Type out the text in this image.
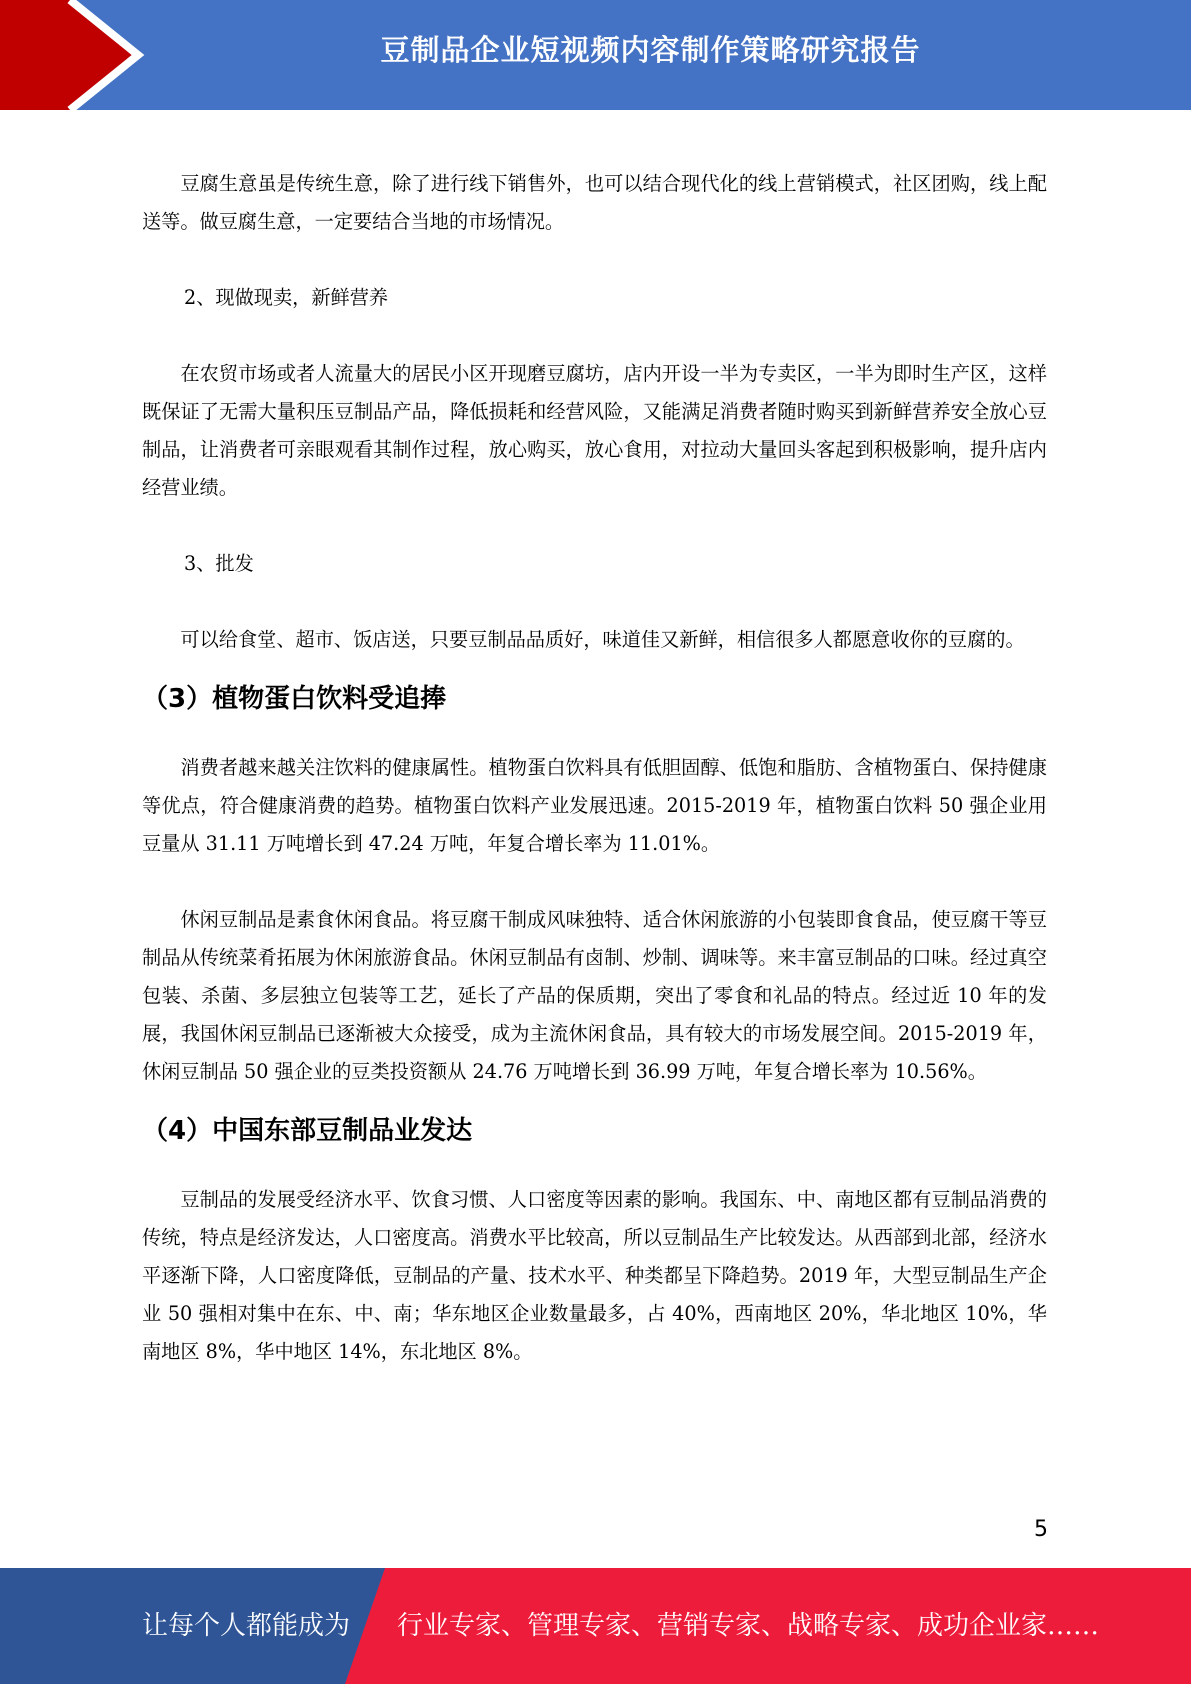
豆制品企业短视频内容制作策略研究报告

豆腐生意虽是传统生意，除了进行线下销售外，也可以结合现代化的线上营销模式，社区团购，线上配送等。做豆腐生意，一定要结合当地的市场情况。

2、现做现卖，新鲜营养

在农贸市场或者人流量大的居民小区开现磨豆腐坊，店内开设一半为专卖区，一半为即时生产区，这样既保证了无需大量积压豆制品产品，降低损耗和经营风险，又能满足消费者随时购买到新鲜营养安全放心豆制品，让消费者可亲眼观看其制作过程，放心购买，放心食用，对拉动大量回头客起到积极影响，提升店内经营业绩。

3、批发

可以给食堂、超市、饭店送，只要豆制品品质好，味道佳又新鲜，相信很多人都愿意收你的豆腐的。

（3）植物蛋白饮料受追捧

消费者越来越关注饮料的健康属性。植物蛋白饮料具有低胆固醇、低饱和脂肪、含植物蛋白、保持健康等优点，符合健康消费的趋势。植物蛋白饮料产业发展迅速。2015-2019 年，植物蛋白饮料 50 强企业用豆量从 31.11 万吨增长到 47.24 万吨，年复合增长率为 11.01%。

休闲豆制品是素食休闲食品。将豆腐干制成风味独特、适合休闲旅游的小包装即食食品，使豆腐干等豆制品从传统菜肴拓展为休闲旅游食品。休闲豆制品有卤制、炒制、调味等。来丰富豆制品的口味。经过真空包装、杀菌、多层独立包装等工艺，延长了产品的保质期，突出了零食和礼品的特点。经过近 10 年的发展，我国休闲豆制品已逐渐被大众接受，成为主流休闲食品，具有较大的市场发展空间。2015-2019 年，休闲豆制品 50 强企业的豆类投资额从 24.76 万吨增长到 36.99 万吨，年复合增长率为 10.56%。

（4）中国东部豆制品业发达

豆制品的发展受经济水平、饮食习惯、人口密度等因素的影响。我国东、中、南地区都有豆制品消费的传统，特点是经济发达，人口密度高。消费水平比较高，所以豆制品生产比较发达。从西部到北部，经济水平逐渐下降，人口密度降低，豆制品的产量、技术水平、种类都呈下降趋势。2019 年，大型豆制品生产企业 50 强相对集中在东、中、南；华东地区企业数量最多，占 40%，西南地区 20%，华北地区 10%，华南地区 8%，华中地区 14%，东北地区 8%。

5
让每个人都能成为 行业专家、管理专家、营销专家、战略专家、成功企业家……
